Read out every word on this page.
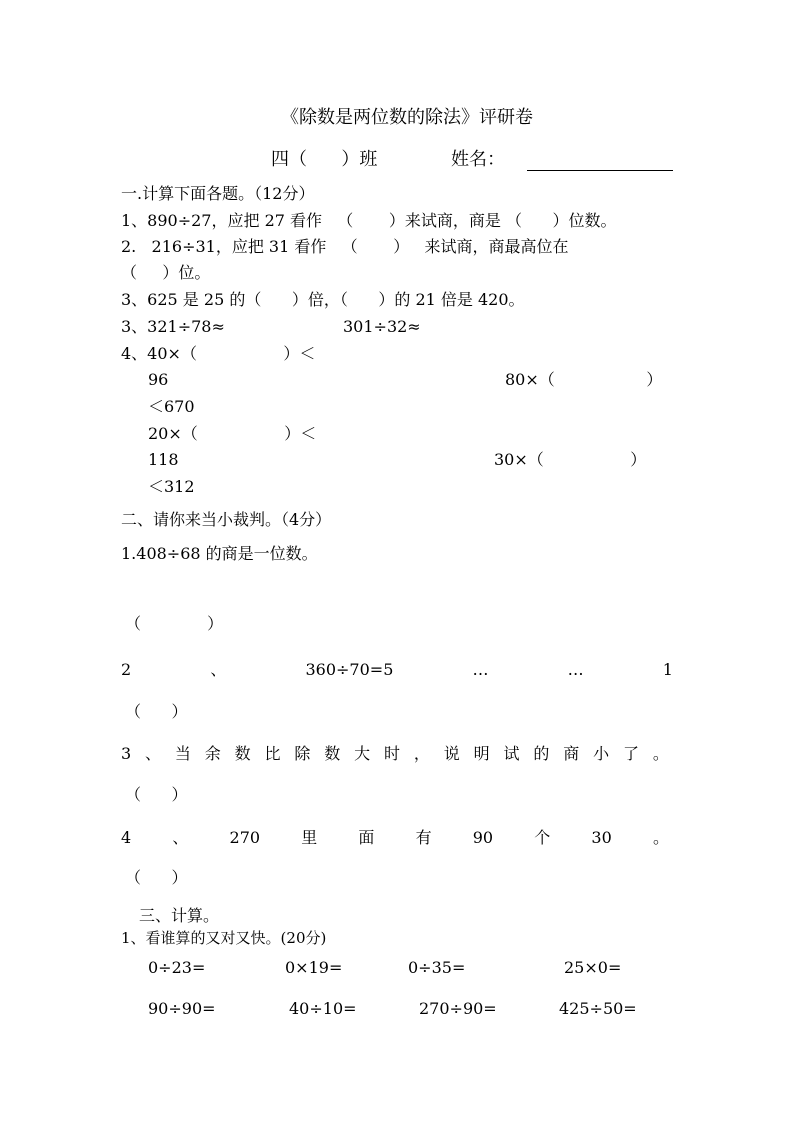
《除数是两位数的除法》评研卷
四（      ）班	姓名：
一.计算下面各题。（12分）
1、890÷27，应把 27 看作   （       ）来试商，商是 （      ）位数。
2.   216÷31，应把 31 看作   （       ）   来试商，商最高位在
（     ）位。
3、625 是 25 的（      ）倍，（      ）的 21 倍是 420。
3、321÷78≈	301÷32≈
4、40×（                 ）＜
96	80×（                  ）
＜670
20×（                 ）＜
118	30×（                 ）
＜312
二、请你来当小裁判。（4分）
1.408÷68 的商是一位数。
（             ）
2	、	360÷70=5	…	…	1
（      ）
3 、 当 余 数 比 除 数 大 时 ， 说 明 试 的 商 小 了 。
（      ）
4	、	270	里	面	有	90	个	30	。
（      ）
三、计算。
1、看谁算的又对又快。(20分)
0÷23=	0×19=	0÷35=	25×0=
90÷90=	40÷10=	270÷90=	425÷50=
